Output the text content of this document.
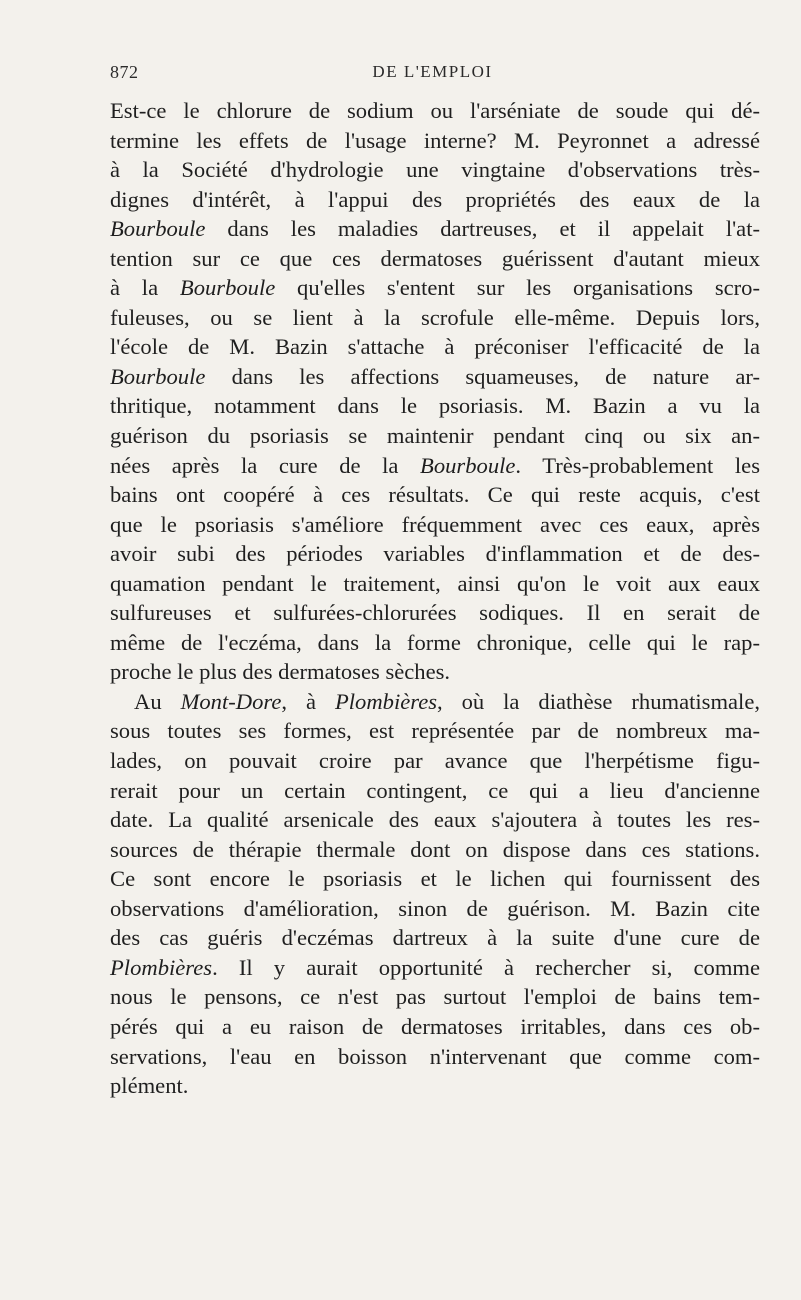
872	DE L'EMPLOI
Est-ce le chlorure de sodium ou l'arséniate de soude qui dé-
termine les effets de l'usage interne? M. Peyronnet a adressé
à la Société d'hydrologie une vingtaine d'observations très-
dignes d'intérêt, à l'appui des propriétés des eaux de la
Bourboule dans les maladies dartreuses, et il appelait l'at-
tention sur ce que ces dermatoses guérissent d'autant mieux
à la Bourboule qu'elles s'entent sur les organisations scro-
fuleuses, ou se lient à la scrofule elle-même. Depuis lors,
l'école de M. Bazin s'attache à préconiser l'efficacité de la
Bourboule dans les affections squameuses, de nature ar-
thritique, notamment dans le psoriasis. M. Bazin a vu la
guérison du psoriasis se maintenir pendant cinq ou six an-
nées après la cure de la Bourboule. Très-probablement les
bains ont coopéré à ces résultats. Ce qui reste acquis, c'est
que le psoriasis s'améliore fréquemment avec ces eaux, après
avoir subi des périodes variables d'inflammation et de des-
quamation pendant le traitement, ainsi qu'on le voit aux eaux
sulfureuses et sulfurées-chlorurées sodiques. Il en serait de
même de l'eczéma, dans la forme chronique, celle qui le rap-
proche le plus des dermatoses sèches.
Au Mont-Dore, à Plombières, où la diathèse rhumatismale,
sous toutes ses formes, est représentée par de nombreux ma-
lades, on pouvait croire par avance que l'herpétisme figu-
rerait pour un certain contingent, ce qui a lieu d'ancienne
date. La qualité arsenicale des eaux s'ajoutera à toutes les res-
sources de thérapie thermale dont on dispose dans ces stations.
Ce sont encore le psoriasis et le lichen qui fournissent des
observations d'amélioration, sinon de guérison. M. Bazin cite
des cas guéris d'eczémas dartreux à la suite d'une cure de
Plombières. Il y aurait opportunité à rechercher si, comme
nous le pensons, ce n'est pas surtout l'emploi de bains tem-
pérés qui a eu raison de dermatoses irritables, dans ces ob-
servations, l'eau en boisson n'intervenant que comme com-
plément.
